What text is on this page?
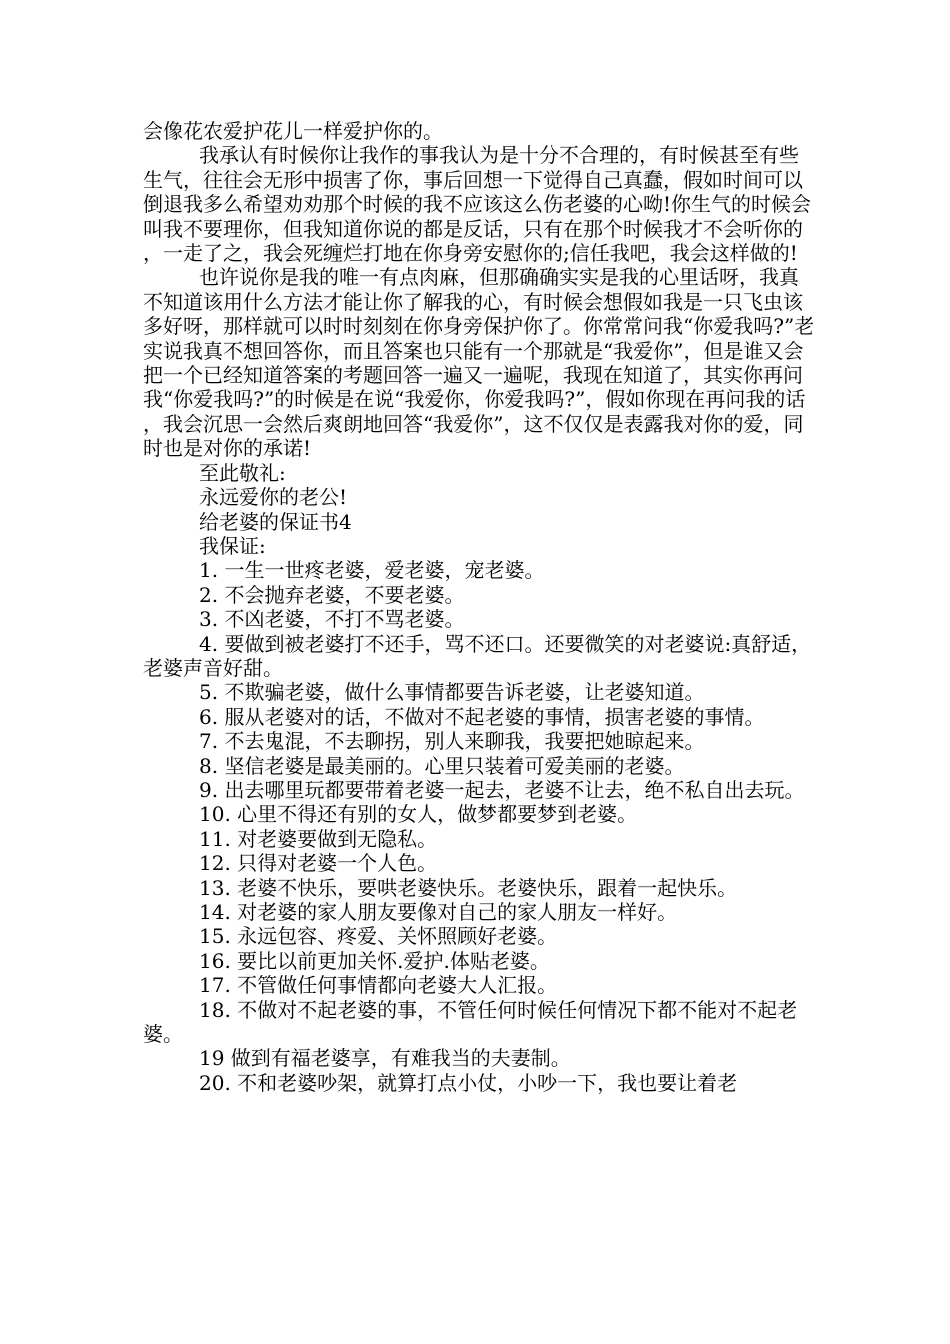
会像花农爱护花儿一样爱护你的。

我承认有时候你让我作的事我认为是十分不合理的，有时候甚至有些生气，往往会无形中损害了你，事后回想一下觉得自己真蠢，假如时间可以倒退我多么希望劝劝那个时候的我不应该这么伤老婆的心呦!你生气的时候会叫我不要理你，但我知道你说的都是反话，只有在那个时候我才不会听你的，一走了之，我会死缠烂打地在你身旁安慰你的;信任我吧，我会这样做的!

也许说你是我的唯一有点肉麻，但那确确实实是我的心里话呀，我真不知道该用什么方法才能让你了解我的心，有时候会想假如我是一只飞虫该多好呀，那样就可以时时刻刻在你身旁保护你了。你常常问我“你爱我吗?”老实说我真不想回答你，而且答案也只能有一个那就是“我爱你”，但是谁又会把一个已经知道答案的考题回答一遍又一遍呢，我现在知道了，其实你再问我“你爱我吗?”的时候是在说“我爱你，你爱我吗?”，假如你现在再问我的话，我会沉思一会然后爽朗地回答“我爱你”，这不仅仅是表露我对你的爱，同时也是对你的承诺!

至此敬礼:

永远爱你的老公!

给老婆的保证书4

我保证:

1. 一生一世疼老婆，爱老婆，宠老婆。

2. 不会抛弃老婆，不要老婆。

3. 不凶老婆，不打不骂老婆。

4. 要做到被老婆打不还手，骂不还口。还要微笑的对老婆说:真舒适，老婆声音好甜。

5. 不欺骗老婆，做什么事情都要告诉老婆，让老婆知道。

6. 服从老婆对的话，不做对不起老婆的事情，损害老婆的事情。

7. 不去鬼混，不去聊拐，别人来聊我，我要把她晾起来。

8. 坚信老婆是最美丽的。心里只装着可爱美丽的老婆。

9. 出去哪里玩都要带着老婆一起去，老婆不让去，绝不私自出去玩。

10. 心里不得还有别的女人，做梦都要梦到老婆。

11. 对老婆要做到无隐私。

12. 只得对老婆一个人色。

13. 老婆不快乐，要哄老婆快乐。老婆快乐，跟着一起快乐。

14. 对老婆的家人朋友要像对自己的家人朋友一样好。

15. 永远包容、疼爱、关怀照顾好老婆。

16. 要比以前更加关怀.爱护.体贴老婆。

17. 不管做任何事情都向老婆大人汇报。

18. 不做对不起老婆的事，不管任何时候任何情况下都不能对不起老婆。

19 做到有福老婆享，有难我当的夫妻制。

20. 不和老婆吵架，就算打点小仗，小吵一下，我也要让着老
